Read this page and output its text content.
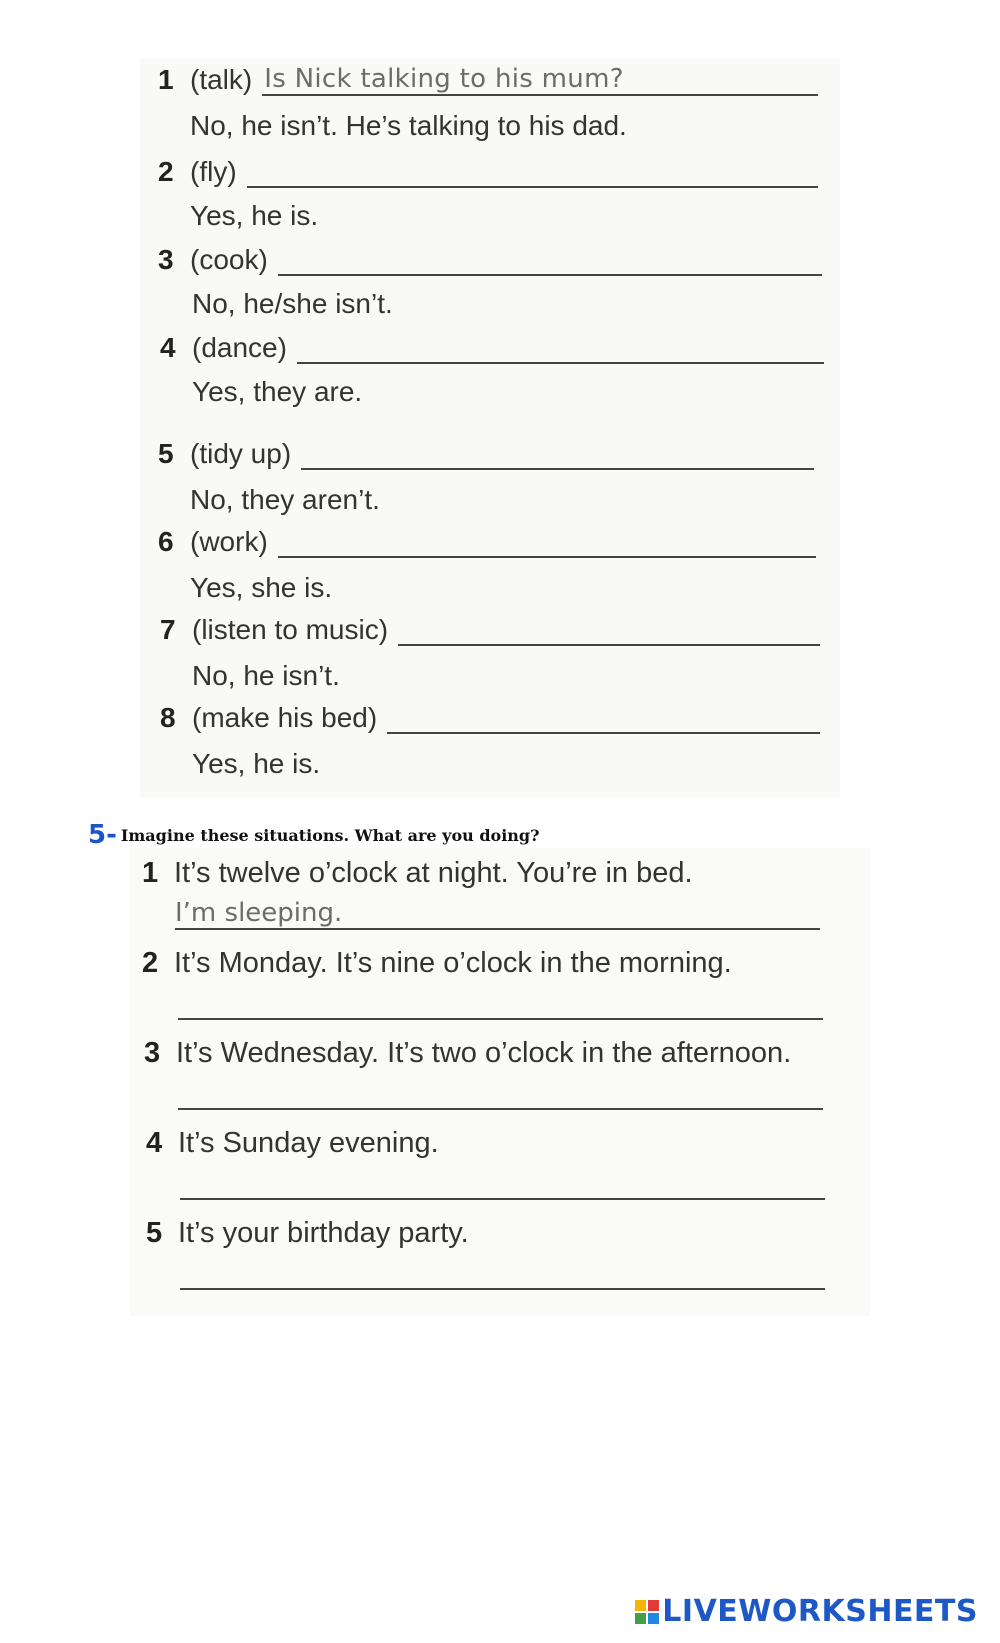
1 (talk) Is Nick talking to his mum?
No, he isn’t. He’s talking to his dad.
2 (fly)
Yes, he is.
3 (cook)
No, he/she isn’t.
4 (dance)
Yes, they are.
5 (tidy up)
No, they aren’t.
6 (work)
Yes, she is.
7 (listen to music)
No, he isn’t.
8 (make his bed)
Yes, he is.
5- Imagine these situations. What are you doing?
1 It’s twelve o’clock at night. You’re in bed.
I’m sleeping.
2 It’s Monday. It’s nine o’clock in the morning.
3 It’s Wednesday. It’s two o’clock in the afternoon.
4 It’s Sunday evening.
5 It’s your birthday party.
LIVEWORKSHEETS
